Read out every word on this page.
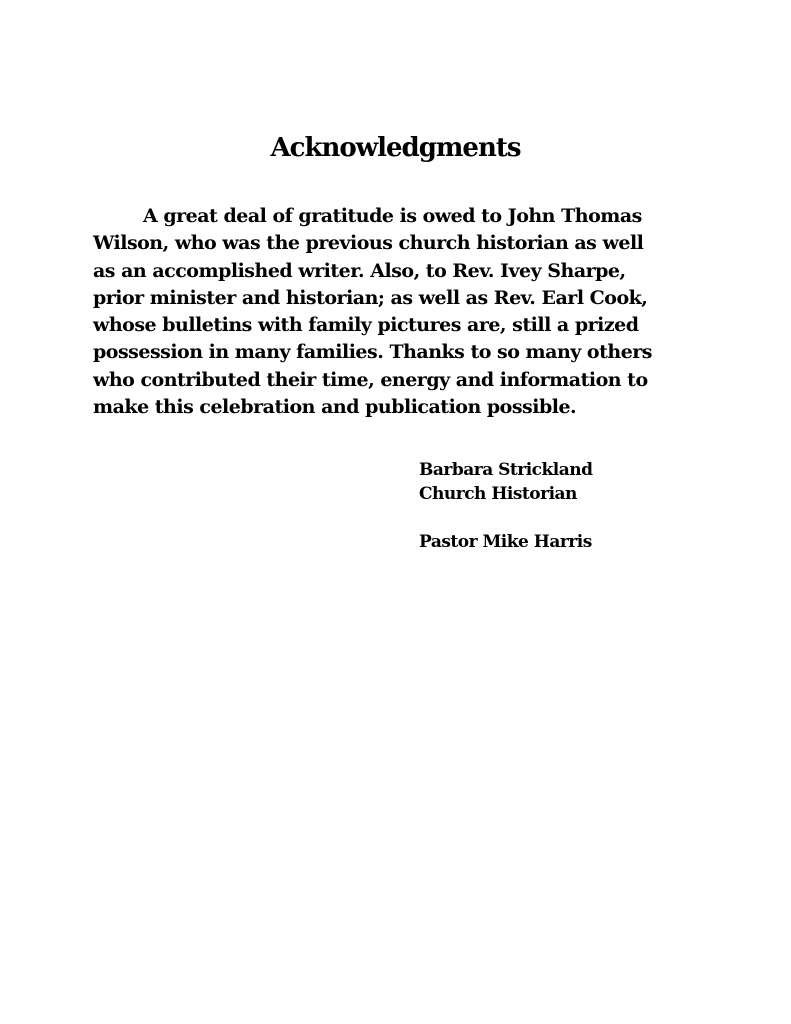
Acknowledgments

A great deal of gratitude is owed to John Thomas
Wilson, who was the previous church historian as well
as an accomplished writer. Also, to Rev. Ivey Sharpe,
prior minister and historian; as well as Rev. Earl Cook,
whose bulletins with family pictures are, still a prized
possession in many families. Thanks to so many others
who contributed their time, energy and information to
make this celebration and publication possible.

Barbara Strickland
Church Historian
Pastor Mike Harris
